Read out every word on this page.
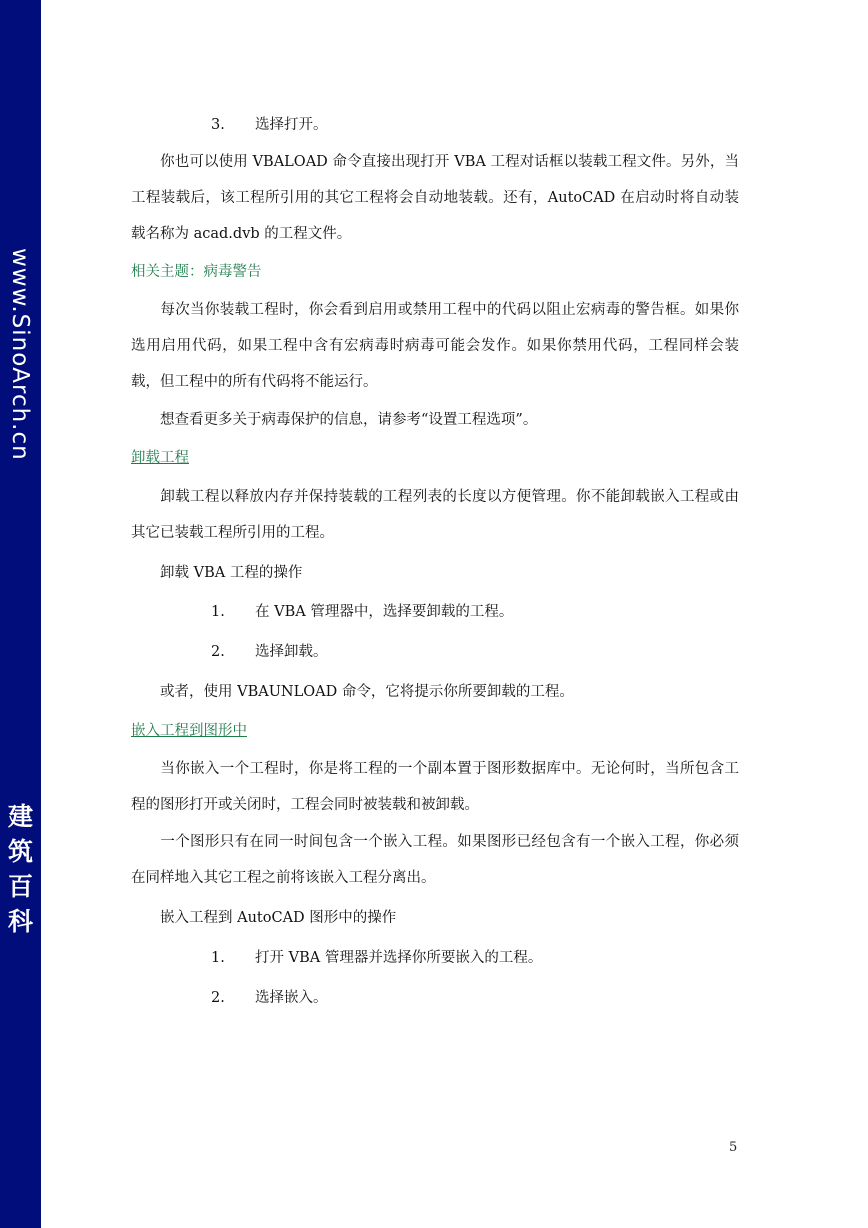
www.SinoArch.cn
建
筑
百
科
3. 选择打开。
你也可以使用 VBALOAD 命令直接出现打开 VBA 工程对话框以装载工程文件。另外，当工程装载后，该工程所引用的其它工程将会自动地装载。还有，AutoCAD 在启动时将自动装载名称为 acad.dvb 的工程文件。
相关主题：病毒警告
每次当你装载工程时，你会看到启用或禁用工程中的代码以阻止宏病毒的警告框。如果你选用启用代码，如果工程中含有宏病毒时病毒可能会发作。如果你禁用代码，工程同样会装载，但工程中的所有代码将不能运行。
想查看更多关于病毒保护的信息，请参考“设置工程选项”。
卸载工程
卸载工程以释放内存并保持装载的工程列表的长度以方便管理。你不能卸载嵌入工程或由其它已装载工程所引用的工程。
卸载 VBA 工程的操作
1. 在 VBA 管理器中，选择要卸载的工程。
2. 选择卸载。
或者，使用 VBAUNLOAD 命令，它将提示你所要卸载的工程。
嵌入工程到图形中
当你嵌入一个工程时，你是将工程的一个副本置于图形数据库中。无论何时，当所包含工程的图形打开或关闭时，工程会同时被装载和被卸载。
一个图形只有在同一时间包含一个嵌入工程。如果图形已经包含有一个嵌入工程，你必须在同样地入其它工程之前将该嵌入工程分离出。
嵌入工程到 AutoCAD 图形中的操作
1. 打开 VBA 管理器并选择你所要嵌入的工程。
2. 选择嵌入。
5
